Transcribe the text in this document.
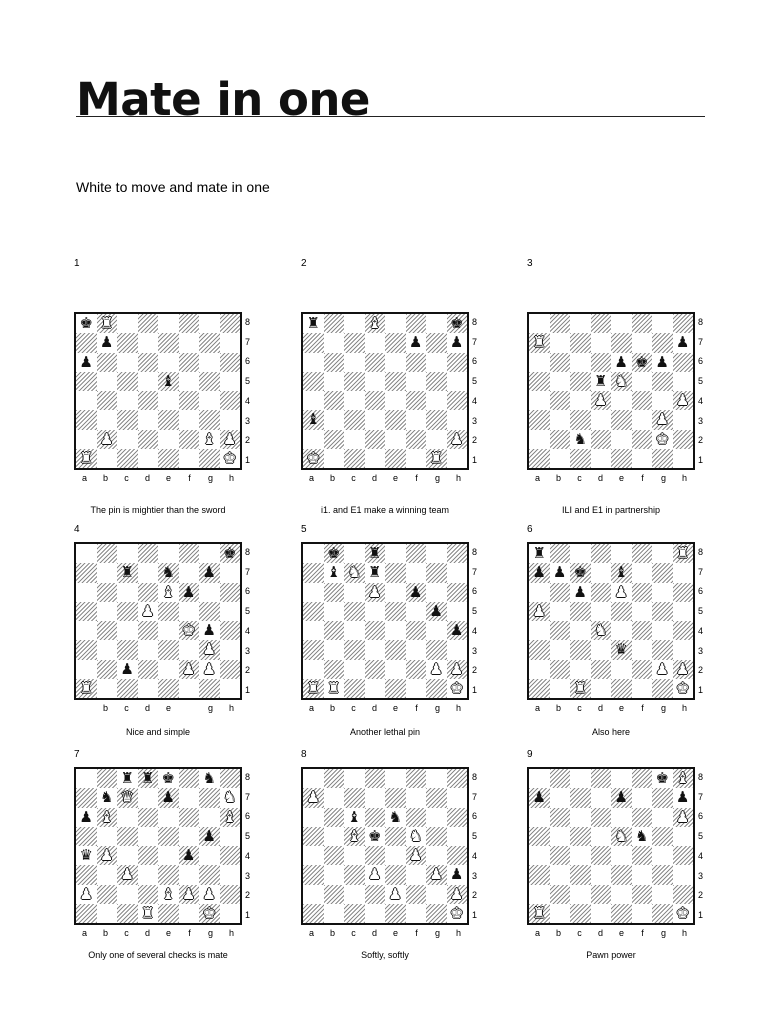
Mate in one
White to move and mate in one
1
♚ ♜
♟
♟
♝
♟	♝ ♟
♜	♚
8
7
6
5
4
3
2
1
a	b	c	d	e	f	g	h
The pin is mightier than the sword
2
♜	♝	♚
♟ ♟
♝
♟
♚	♜
8
7
6
5
4
3
2
1
a	b	c	d	e	f	g	h
i1. and E1 make a winning team
3
♜	♟
♟ ♚ ♟
♜ ♞
♟	♟
♟
♞	♚
8
7
6
5
4
3
2
1
a	b	c	d	e	f	g	h
ILI and E1 in partnership
4
♚
♜ ♞ ♟
♝ ♟
♟
♚ ♟
♟
♟	♟ ♟
♜
8
7
6
5
4
3
2
1
b	c	d	e	g	h
Nice and simple
5
♚ ♜
♝ ♞ ♜
♟ ♟
♟
♟
♟ ♟
♜ ♜	♚
8
7
6
5
4
3
2
1
a	b	c	d	e	f	g	h
Another lethal pin
6
♜	♜
♟ ♟ ♚ ♝
♟ ♟
♟
♞
♛
♟ ♟
♜	♚
8
7
6
5
4
3
2
1
a	b	c	d	e	f	g	h
Also here
7
♜ ♜ ♚ ♞
♞ ♛ ♟	♞
♟ ♝	♝
♟
♛ ♟	♟
♟
♟	♝ ♟ ♟
♜	♚
8
7
6
5
4
3
2
1
a	b	c	d	e	f	g	h
Only one of several checks is mate
8
♟
♝ ♞
♝ ♚ ♞
♟
♟	♟ ♟
♟	♟
♚
8
7
6
5
4
3
2
1
a	b	c	d	e	f	g	h
Softly, softly
9
♚ ♝
♟	♟	♟
♟
♞ ♞
♜	♚
8
7
6
5
4
3
2
1
a	b	c	d	e	f	g	h
Pawn power
